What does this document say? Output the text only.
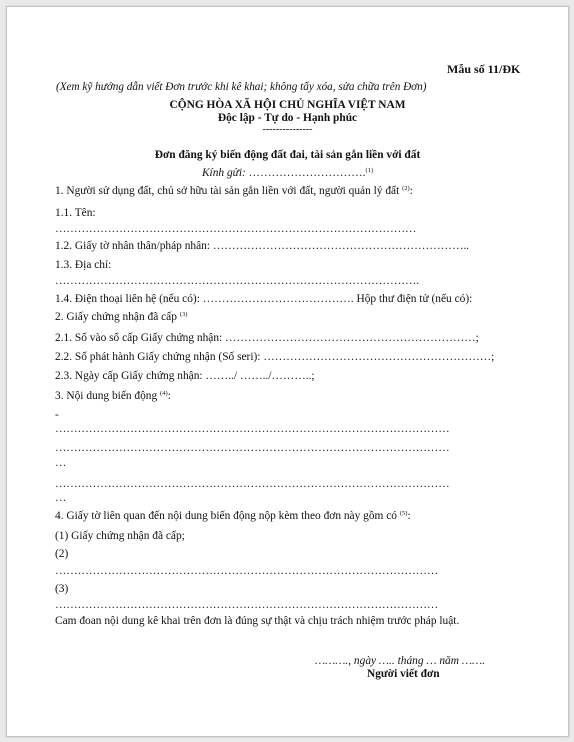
Mẫu số 11/ĐK
(Xem kỹ hướng dẫn viết Đơn trước khi kê khai; không tẩy xóa, sửa chữa trên Đơn)
CỘNG HÒA XÃ HỘI CHỦ NGHĨA VIỆT NAM
Độc lập - Tự do - Hạnh phúc
---------------
Đơn đăng ký biến động đất đai, tài sản gắn liền với đất
Kính gửi: ………………………….$^{(1)}$
1. Người sử dụng đất, chủ sở hữu tài sản gắn liền với đất, người quản lý đất $^{(2)}$:
1.1. Tên:
……………………………………………………………………………………
1.2. Giấy tờ nhân thân/pháp nhân: …………………………………………………………..
1.3. Địa chỉ:
…………………………………………………………………………………….
1.4. Điện thoại liên hệ (nếu có): …………………………………. Hộp thư điện tử (nếu có):
2. Giấy chứng nhận đã cấp $^{(3)}$
2.1. Số vào sổ cấp Giấy chứng nhận: …………………………………………………………;
2.2. Số phát hành Giấy chứng nhận (Số seri): ……………………………………………………;
2.3. Ngày cấp Giấy chứng nhận: ……../ ……../………..;
3. Nội dung biến động $^{(4)}$:
-
……………………………………………………………………………………………
……………………………………………………………………………………………
…
……………………………………………………………………………………………
…
4. Giấy tờ liên quan đến nội dung biến động nộp kèm theo đơn này gồm có $^{(5)}$:
(1) Giấy chứng nhận đã cấp;
(2)
…………………………………………………………………………………………
(3)
…………………………………………………………………………………………
Cam đoan nội dung kê khai trên đơn là đúng sự thật và chịu trách nhiệm trước pháp luật.
………., ngày ….. tháng … năm …….
Người viết đơn
